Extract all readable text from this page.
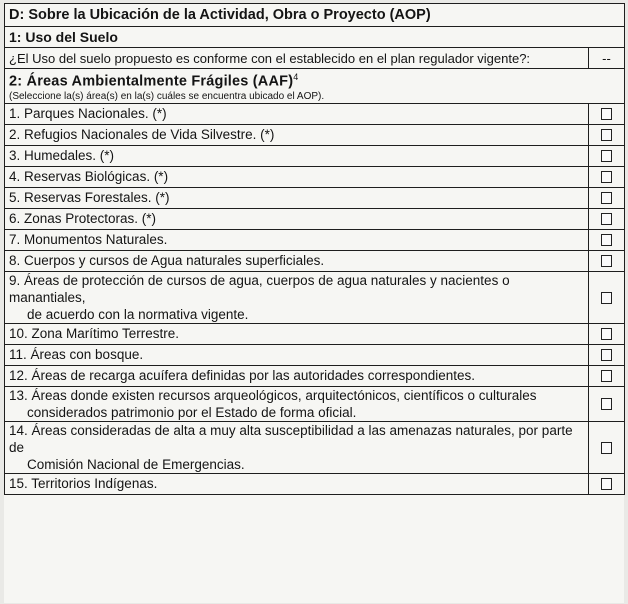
D: Sobre la Ubicación de la Actividad, Obra o Proyecto (AOP)	
1: Uso del Suelo	
¿El Uso del suelo propuesto es conforme con el establecido en el plan regulador vigente?:	--
2: Áreas Ambientalmente Frágiles (AAF)$^4$
(Seleccione la(s) área(s) en la(s) cuáles se encuentra ubicado el AOP).	

1. Parques Nacionales. (*)	

2. Refugios Nacionales de Vida Silvestre. (*)	

3. Humedales. (*)	

4. Reservas Biológicas. (*)	

5. Reservas Forestales. (*)	

6. Zonas Protectoras. (*)	

7. Monumentos Naturales.	

8. Cuerpos y cursos de Agua naturales superficiales.	

9. Áreas de protección de cursos de agua, cuerpos de agua naturales y nacientes o manantiales,
de acuerdo con la normativa vigente.	

10. Zona Marítimo Terrestre.	

11. Áreas con bosque.	

12. Áreas de recarga acuífera definidas por las autoridades correspondientes.	

13. Áreas donde existen recursos arqueológicos, arquitectónicos, científicos o culturales
considerados patrimonio por el Estado de forma oficial.	

14. Áreas consideradas de alta a muy alta susceptibilidad a las amenazas naturales, por parte de
Comisión Nacional de Emergencias.	

15. Territorios Indígenas.	
